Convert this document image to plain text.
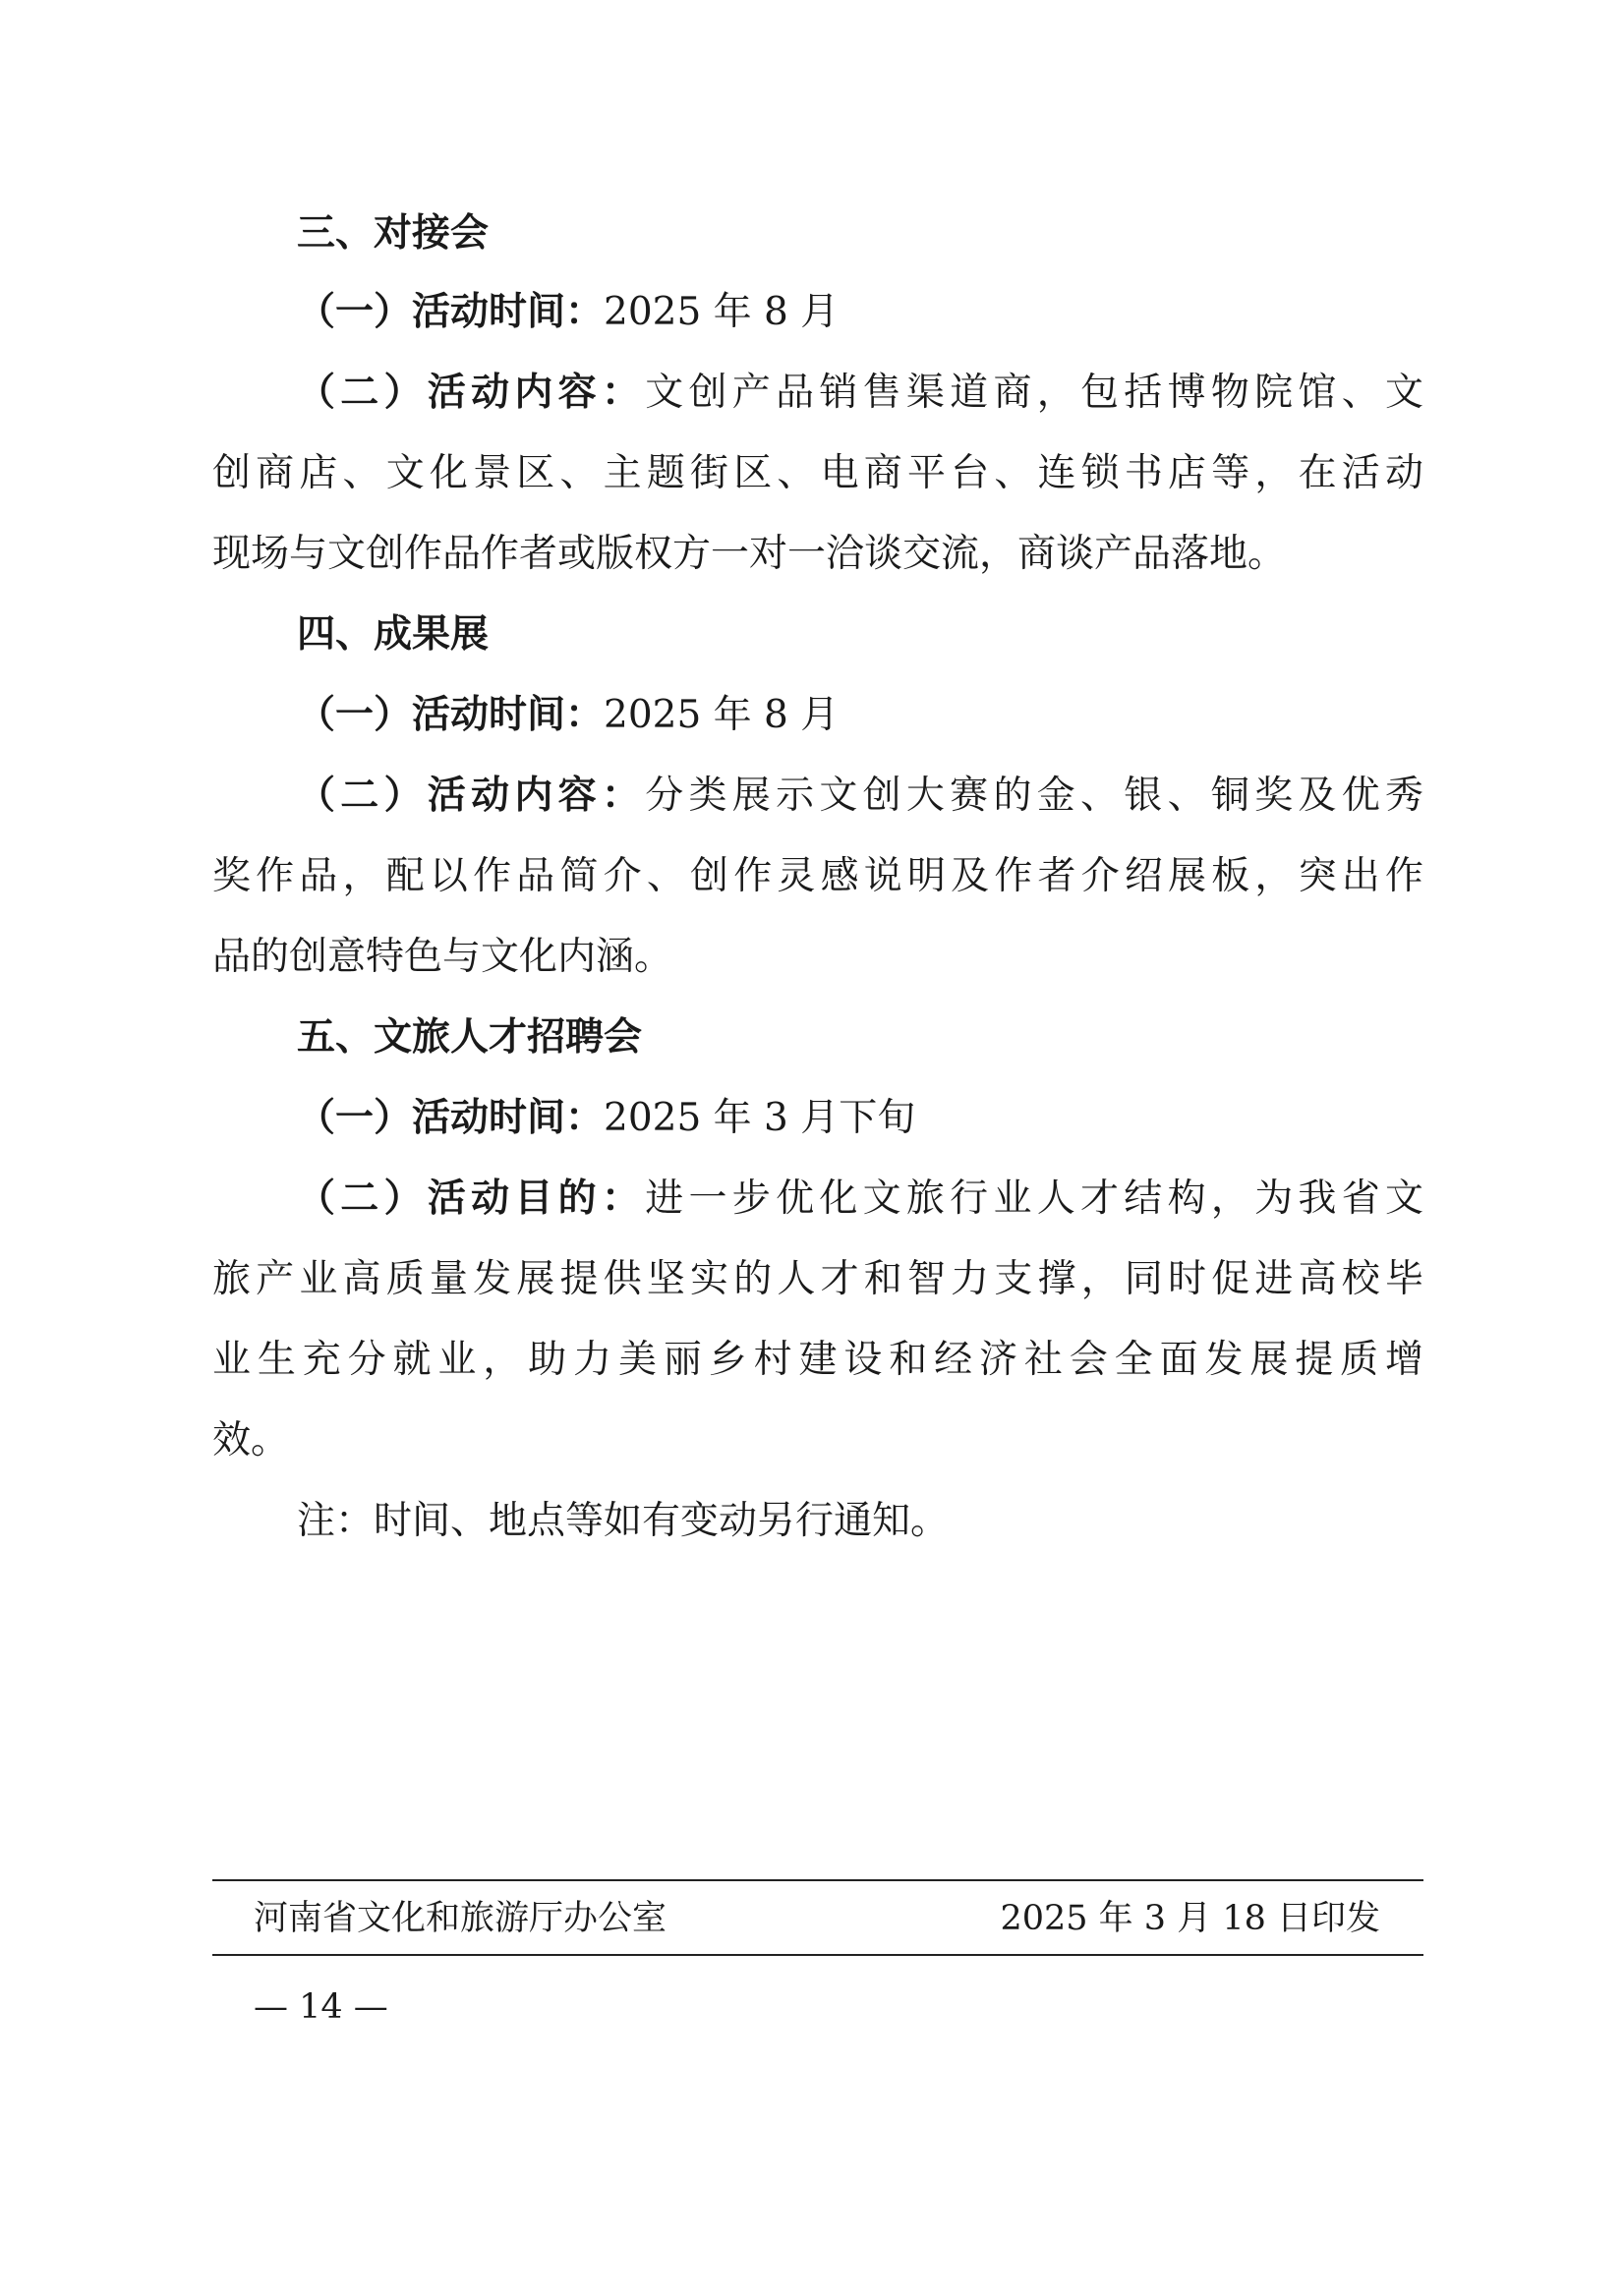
三、对接会
（一）活动时间：2025 年 8 月
（二）活动内容：文创产品销售渠道商，包括博物院馆、文
创商店、文化景区、主题街区、电商平台、连锁书店等，在活动
现场与文创作品作者或版权方一对一洽谈交流，商谈产品落地。
四、成果展
（一）活动时间：2025 年 8 月
（二）活动内容：分类展示文创大赛的金、银、铜奖及优秀
奖作品，配以作品简介、创作灵感说明及作者介绍展板，突出作
品的创意特色与文化内涵。
五、文旅人才招聘会
（一）活动时间：2025 年 3 月下旬
（二）活动目的：进一步优化文旅行业人才结构，为我省文
旅产业高质量发展提供坚实的人才和智力支撑，同时促进高校毕
业生充分就业，助力美丽乡村建设和经济社会全面发展提质增
效。
注：时间、地点等如有变动另行通知。
河南省文化和旅游厅办公室	2025 年 3 月 18 日印发
— 14 —
